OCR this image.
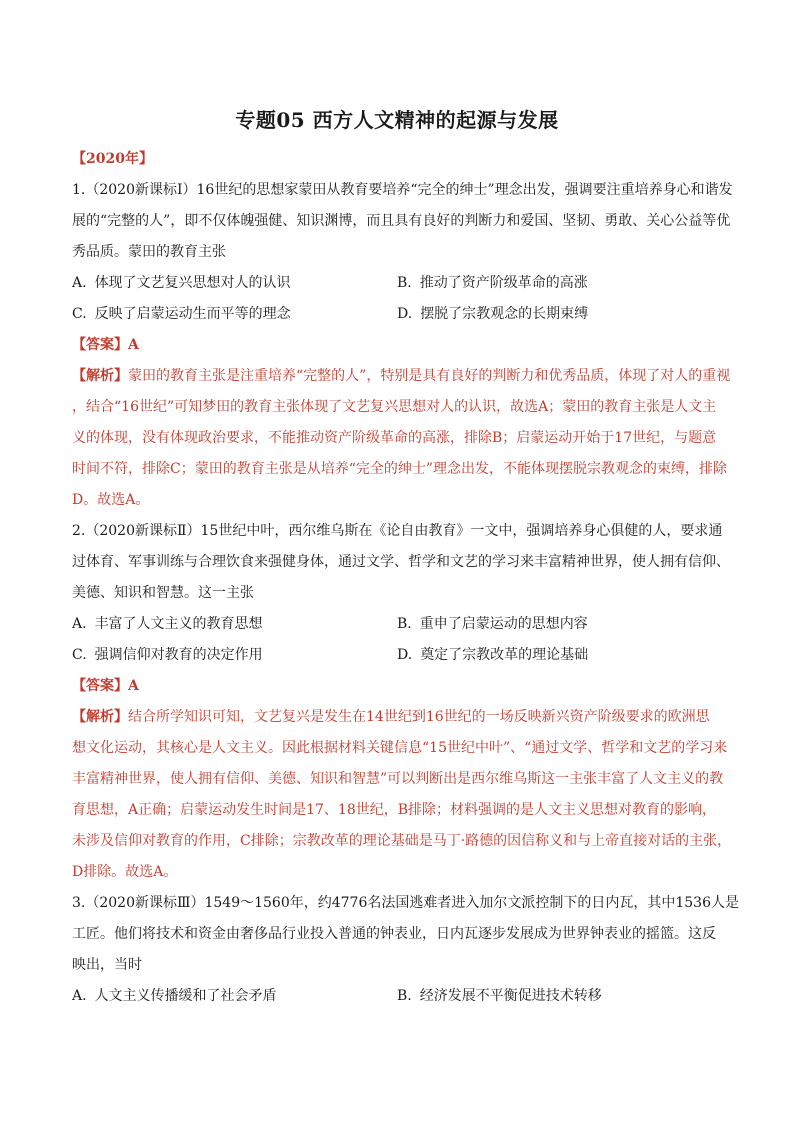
专题05 西方人文精神的起源与发展
【2020年】
1.（2020新课标Ⅰ）16世纪的思想家蒙田从教育要培养“完全的绅士”理念出发，强调要注重培养身心和谐发
展的“完整的人”，即不仅体魄强健、知识渊博，而且具有良好的判断力和爱国、坚韧、勇敢、关心公益等优
秀品质。蒙田的教育主张
A. 体现了文艺复兴思想对人的认识	B. 推动了资产阶级革命的高涨
C. 反映了启蒙运动生而平等的理念	D. 摆脱了宗教观念的长期束缚
【答案】A
【解析】蒙田的教育主张是注重培养“完整的人”，特别是具有良好的判断力和优秀品质，体现了对人的重视
，结合“16世纪”可知梦田的教育主张体现了文艺复兴思想对人的认识，故选A；蒙田的教育主张是人文主
义的体现，没有体现政治要求，不能推动资产阶级革命的高涨，排除B；启蒙运动开始于17世纪，与题意
时间不符，排除C；蒙田的教育主张是从培养“完全的绅士”理念出发，不能体现摆脱宗教观念的束缚，排除
D。故选A。
2.（2020新课标Ⅱ）15世纪中叶，西尔维乌斯在《论自由教育》一文中，强调培养身心俱健的人，要求通
过体育、军事训练与合理饮食来强健身体，通过文学、哲学和文艺的学习来丰富精神世界，使人拥有信仰、
美德、知识和智慧。这一主张
A. 丰富了人文主义的教育思想	B. 重申了启蒙运动的思想内容
C. 强调信仰对教育的决定作用	D. 奠定了宗教改革的理论基础
【答案】A
【解析】结合所学知识可知，文艺复兴是发生在14世纪到16世纪的一场反映新兴资产阶级要求的欧洲思
想文化运动，其核心是人文主义。因此根据材料关键信息“15世纪中叶”、“通过文学、哲学和文艺的学习来
丰富精神世界，使人拥有信仰、美德、知识和智慧”可以判断出是西尔维乌斯这一主张丰富了人文主义的教
育思想，A正确；启蒙运动发生时间是17、18世纪，B排除；材料强调的是人文主义思想对教育的影响，
未涉及信仰对教育的作用，C排除；宗教改革的理论基础是马丁·路德的因信称义和与上帝直接对话的主张，
D排除。故选A。
3.（2020新课标Ⅲ）1549～1560年，约4776名法国逃难者进入加尔文派控制下的日内瓦，其中1536人是
工匠。他们将技术和资金由奢侈品行业投入普通的钟表业，日内瓦逐步发展成为世界钟表业的摇篮。这反
映出，当时
A. 人文主义传播缓和了社会矛盾	B. 经济发展不平衡促进技术转移
